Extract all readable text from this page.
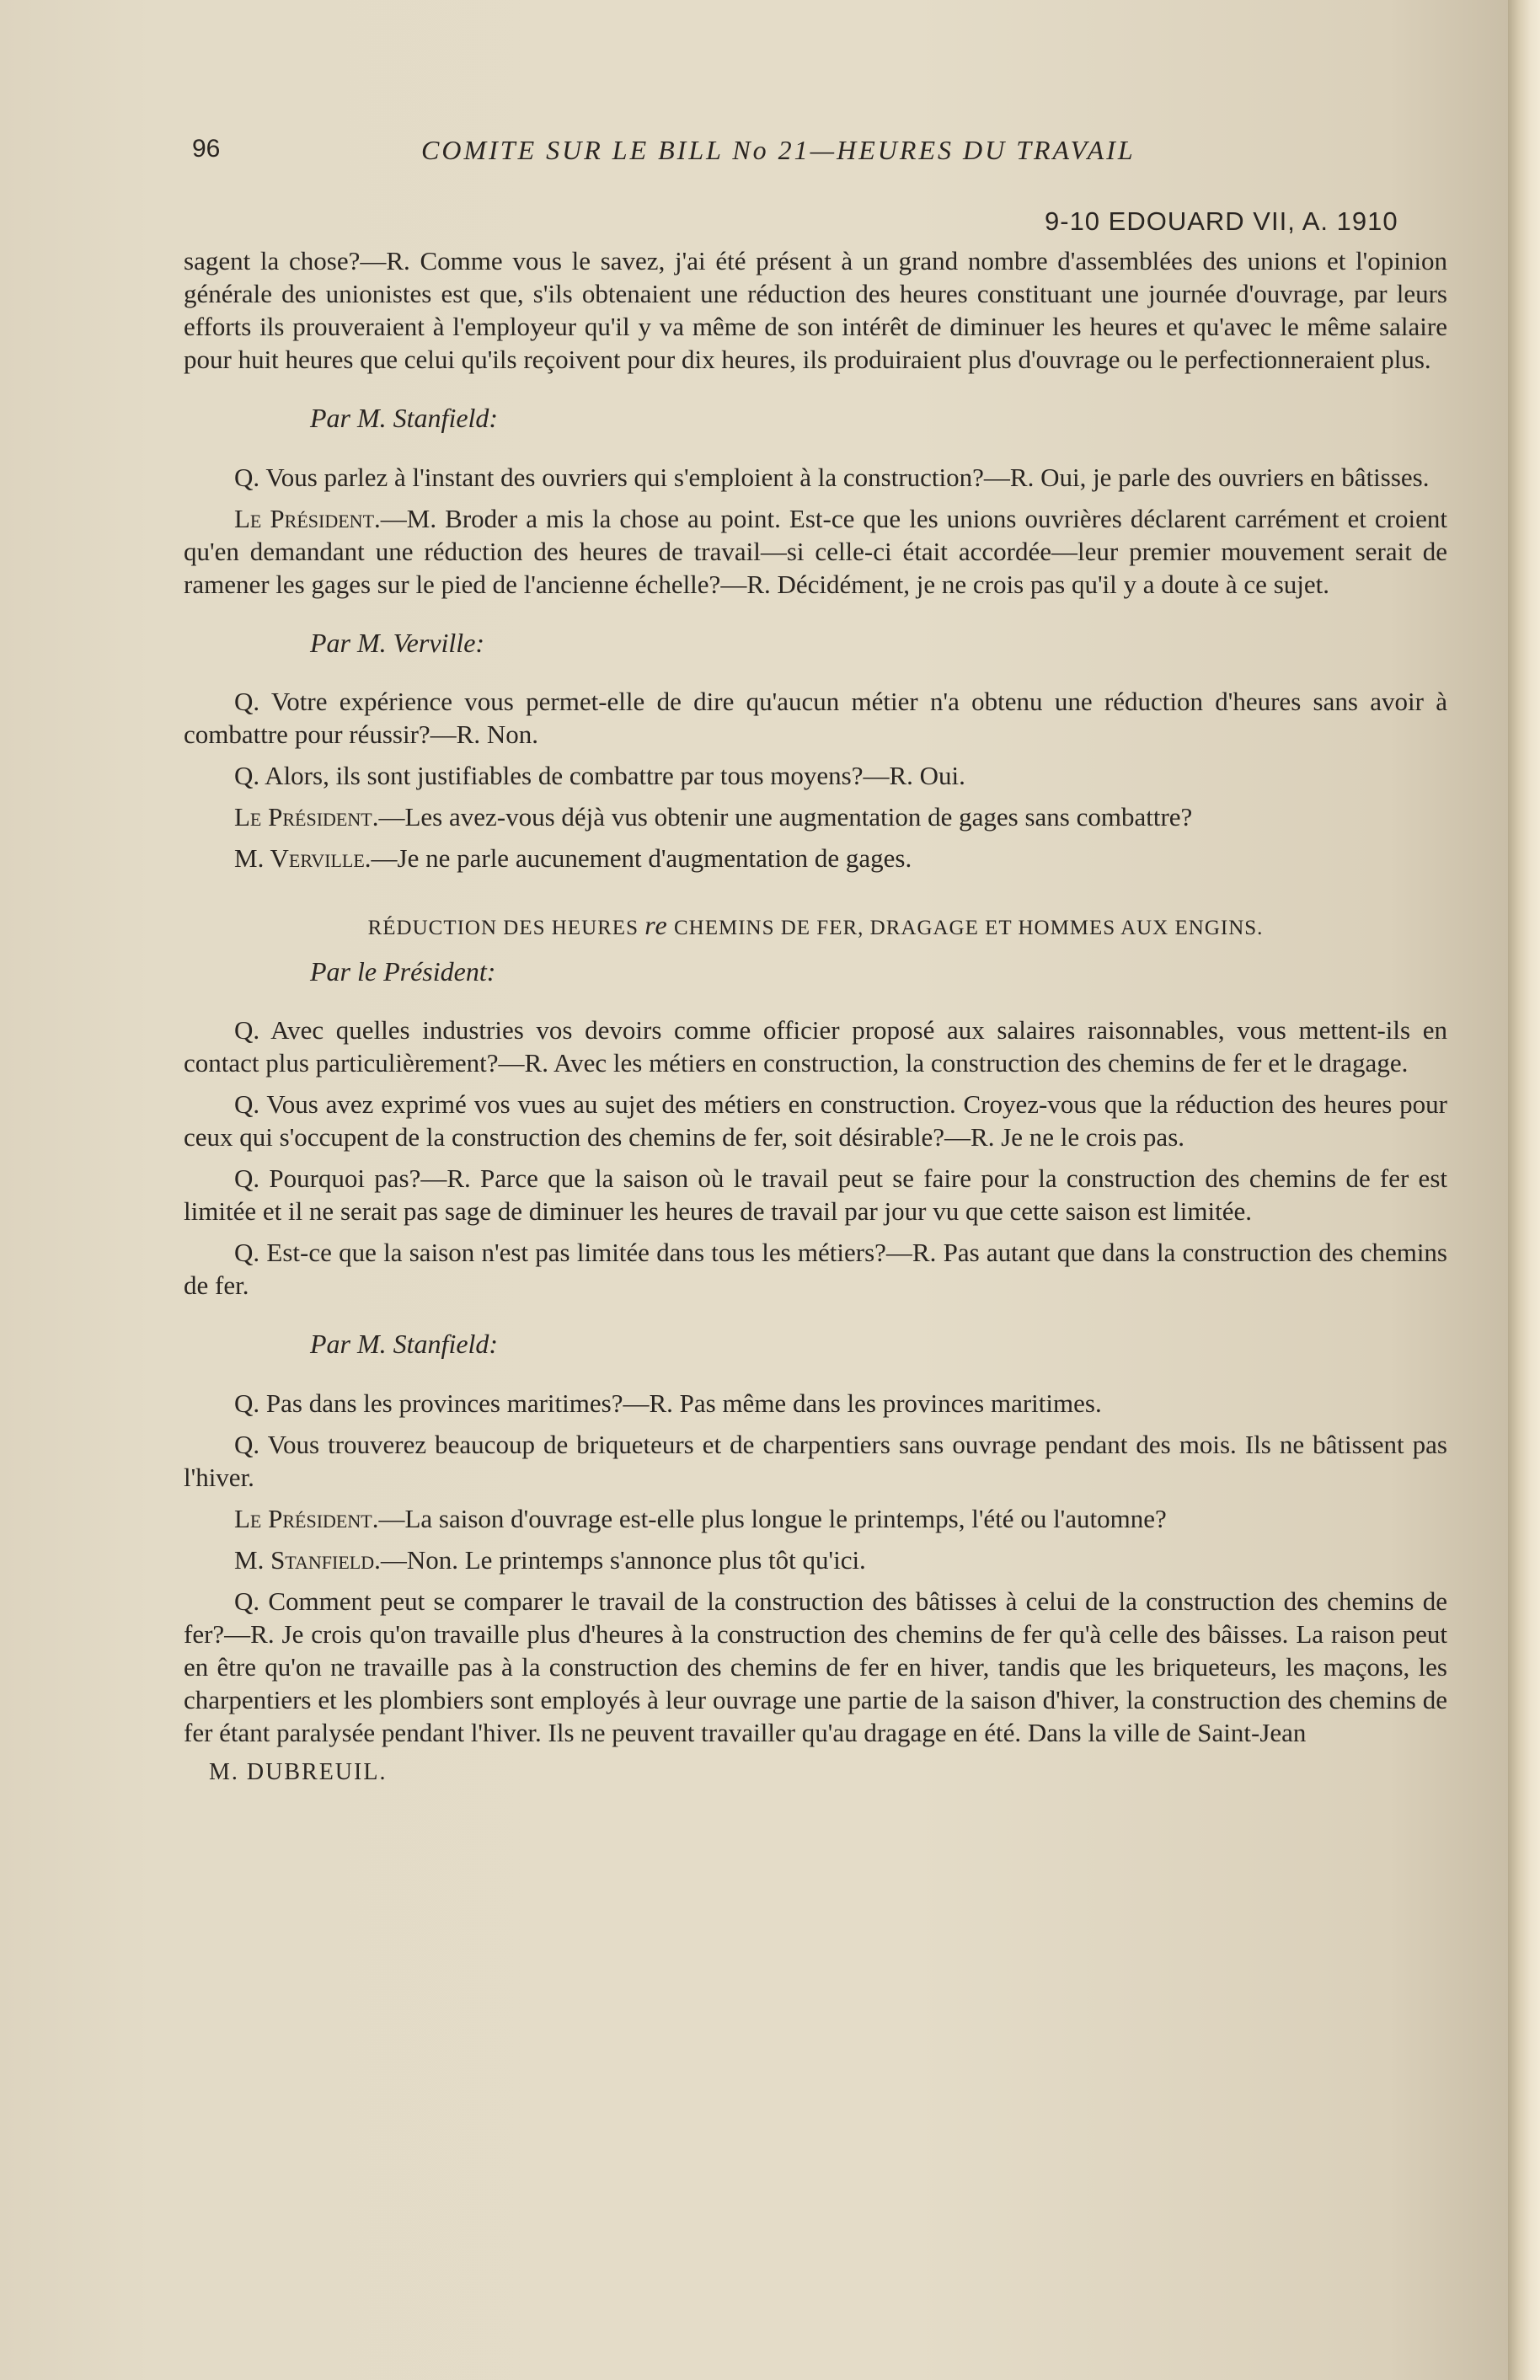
96	COMITE SUR LE BILL No 21—HEURES DU TRAVAIL
9-10 EDOUARD VII, A. 1910

sagent la chose?—R. Comme vous le savez, j'ai été présent à un grand nombre d'assemblées des unions et l'opinion générale des unionistes est que, s'ils obtenaient une réduction des heures constituant une journée d'ouvrage, par leurs efforts ils prouveraient à l'employeur qu'il y va même de son intérêt de diminuer les heures et qu'avec le même salaire pour huit heures que celui qu'ils reçoivent pour dix heures, ils produiraient plus d'ouvrage ou le perfectionneraient plus.

Par M. Stanfield:

Q. Vous parlez à l'instant des ouvriers qui s'emploient à la construction?—R. Oui, je parle des ouvriers en bâtisses.

Le Président.—M. Broder a mis la chose au point. Est-ce que les unions ouvrières déclarent carrément et croient qu'en demandant une réduction des heures de travail—si celle-ci était accordée—leur premier mouvement serait de ramener les gages sur le pied de l'ancienne échelle?—R. Décidément, je ne crois pas qu'il y a doute à ce sujet.

Par M. Verville:

Q. Votre expérience vous permet-elle de dire qu'aucun métier n'a obtenu une réduction d'heures sans avoir à combattre pour réussir?—R. Non.

Q. Alors, ils sont justifiables de combattre par tous moyens?—R. Oui.

Le Président.—Les avez-vous déjà vus obtenir une augmentation de gages sans combattre?

M. Verville.—Je ne parle aucunement d'augmentation de gages.

RÉDUCTION DES HEURES re CHEMINS DE FER, DRAGAGE ET HOMMES AUX ENGINS.

Par le Président:

Q. Avec quelles industries vos devoirs comme officier proposé aux salaires raisonnables, vous mettent-ils en contact plus particulièrement?—R. Avec les métiers en construction, la construction des chemins de fer et le dragage.

Q. Vous avez exprimé vos vues au sujet des métiers en construction. Croyez-vous que la réduction des heures pour ceux qui s'occupent de la construction des chemins de fer, soit désirable?—R. Je ne le crois pas.

Q. Pourquoi pas?—R. Parce que la saison où le travail peut se faire pour la construction des chemins de fer est limitée et il ne serait pas sage de diminuer les heures de travail par jour vu que cette saison est limitée.

Q. Est-ce que la saison n'est pas limitée dans tous les métiers?—R. Pas autant que dans la construction des chemins de fer.

Par M. Stanfield:

Q. Pas dans les provinces maritimes?—R. Pas même dans les provinces maritimes.

Q. Vous trouverez beaucoup de briqueteurs et de charpentiers sans ouvrage pendant des mois. Ils ne bâtissent pas l'hiver.

Le Président.—La saison d'ouvrage est-elle plus longue le printemps, l'été ou l'automne?

M. Stanfield.—Non. Le printemps s'annonce plus tôt qu'ici.

Q. Comment peut se comparer le travail de la construction des bâtisses à celui de la construction des chemins de fer?—R. Je crois qu'on travaille plus d'heures à la construction des chemins de fer qu'à celle des bâisses. La raison peut en être qu'on ne travaille pas à la construction des chemins de fer en hiver, tandis que les briqueteurs, les maçons, les charpentiers et les plombiers sont employés à leur ouvrage une partie de la saison d'hiver, la construction des chemins de fer étant paralysée pendant l'hiver. Ils ne peuvent travailler qu'au dragage en été. Dans la ville de Saint-Jean

M. DUBREUIL.
